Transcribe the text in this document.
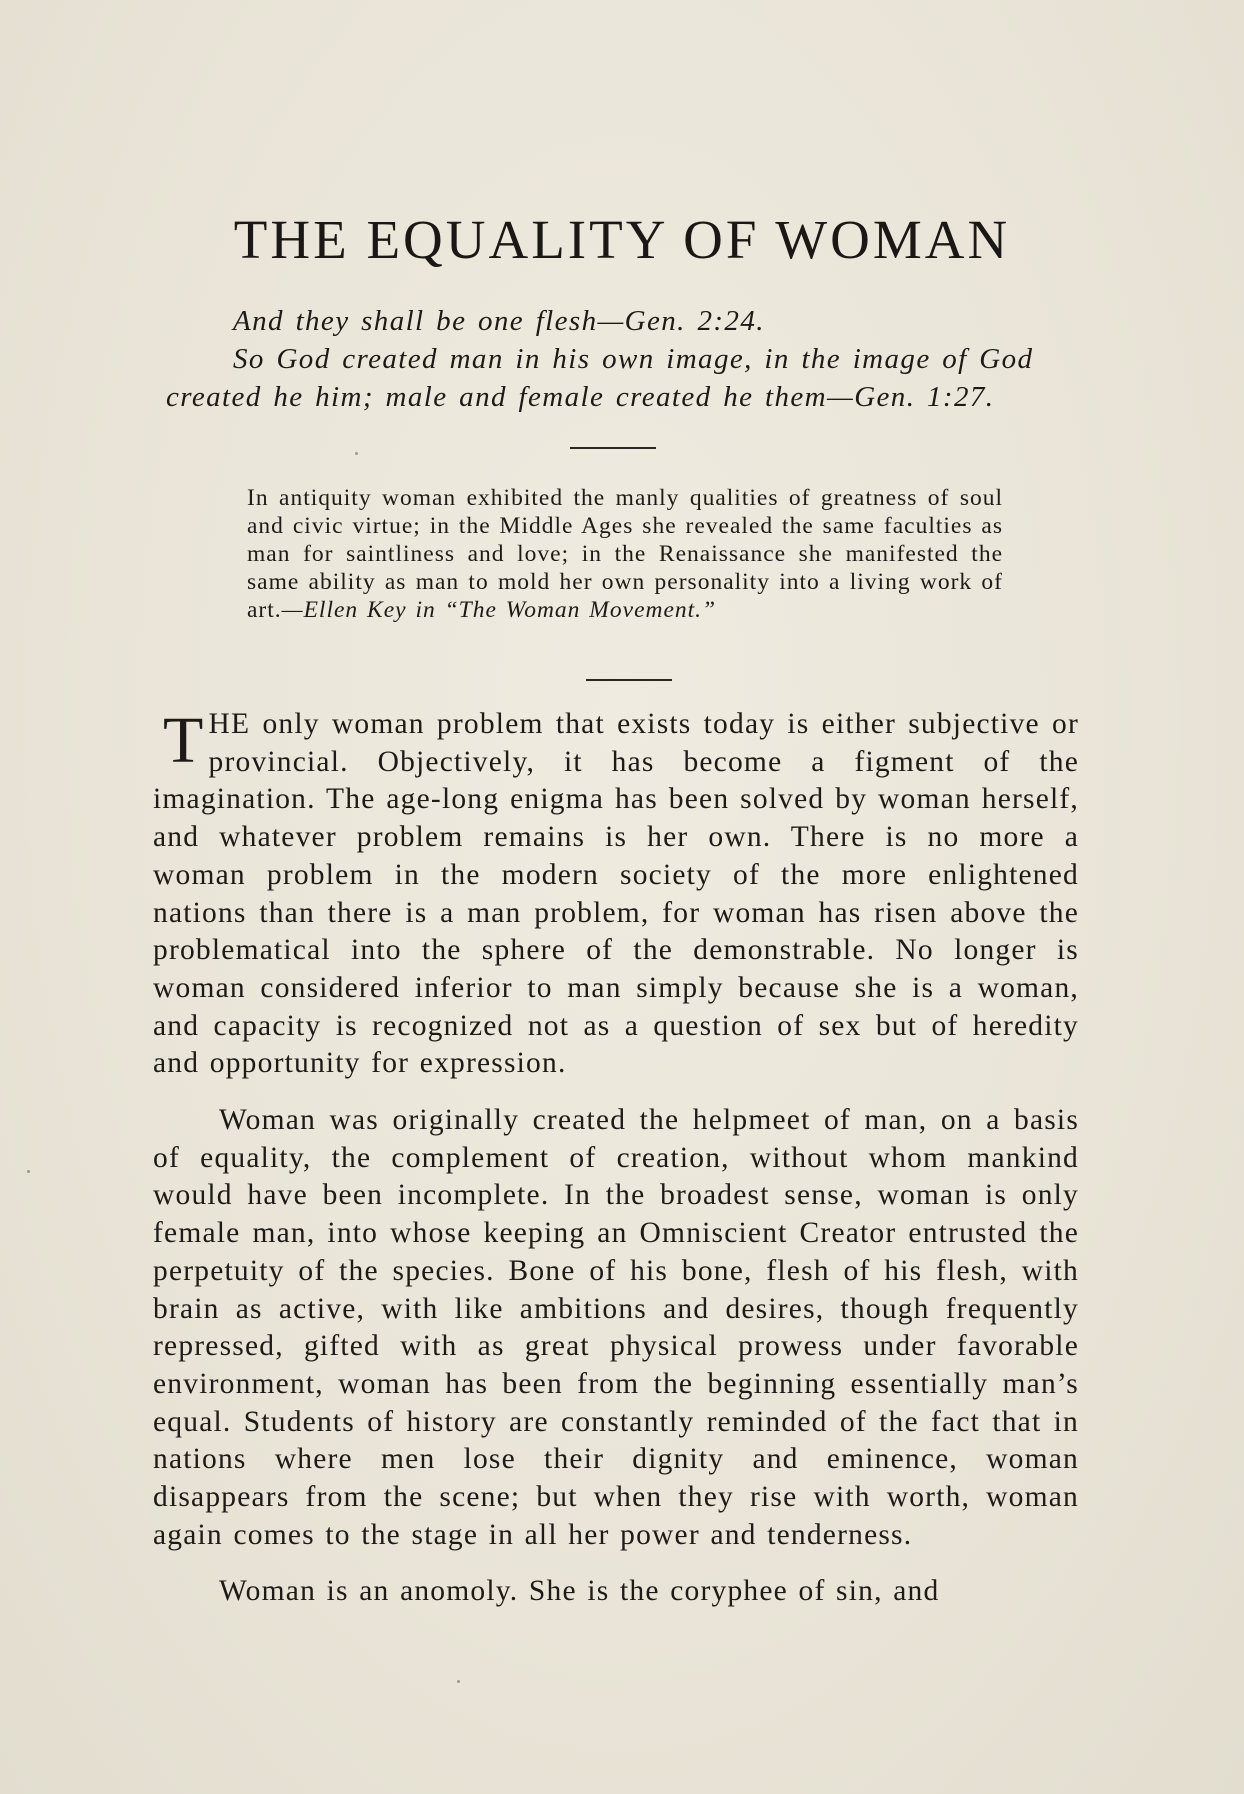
THE EQUALITY OF WOMAN
And they shall be one flesh—Gen. 2:24.
So God created man in his own image, in the image of God
created he him; male and female created he them—Gen. 1:27.
In antiquity woman exhibited the manly qualities of greatness of soul and civic virtue; in the Middle Ages she revealed the same faculties as man for saintliness and love; in the Renaissance she manifested the same ability as man to mold her own personality into a living work of art.—Ellen Key in “The Woman Movement.”

THE only woman problem that exists today is either subjective or provincial. Objectively, it has become a figment of the imagination. The age-long enigma has been solved by woman herself, and whatever problem remains is her own. There is no more a woman problem in the modern society of the more enlightened nations than there is a man problem, for woman has risen above the problematical into the sphere of the demonstrable. No longer is woman considered inferior to man simply because she is a woman, and capacity is recognized not as a question of sex but of heredity and opportunity for expression.

Woman was originally created the helpmeet of man, on a basis of equality, the complement of creation, without whom mankind would have been incomplete. In the broadest sense, woman is only female man, into whose keeping an Omniscient Creator entrusted the perpetuity of the species. Bone of his bone, flesh of his flesh, with brain as active, with like ambitions and desires, though frequently repressed, gifted with as great physical prowess under favorable environment, woman has been from the beginning essentially man’s equal. Students of history are constantly reminded of the fact that in nations where men lose their dignity and eminence, woman disappears from the scene; but when they rise with worth, woman again comes to the stage in all her power and tenderness.

Woman is an anomoly. She is the coryphee of sin, and
